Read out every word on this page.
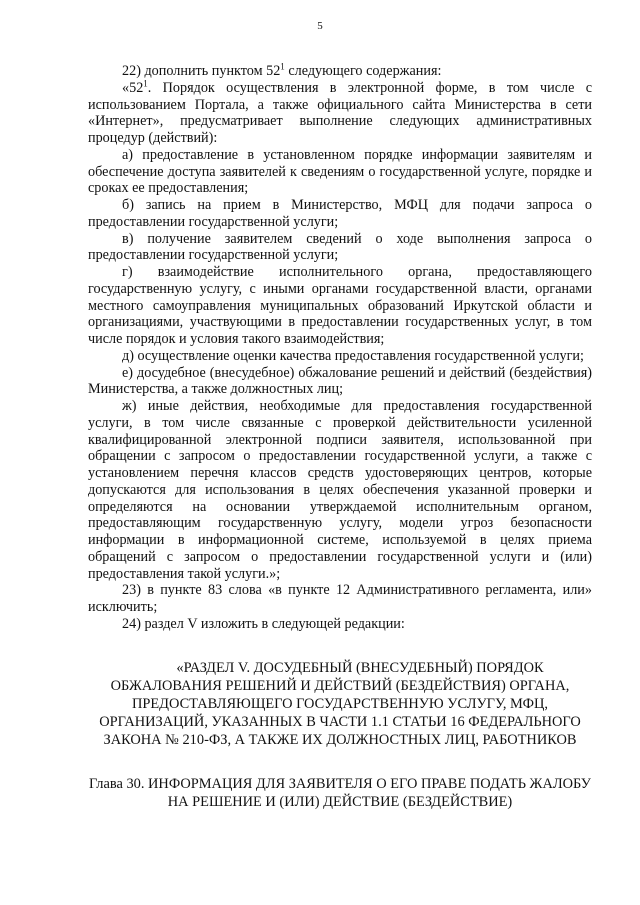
5

22) дополнить пунктом $52^1$ следующего содержания:

«$52^1$. Порядок осуществления в электронной форме, в том числе с использованием Портала, а также официального сайта Министерства в сети «Интернет», предусматривает выполнение следующих административных процедур (действий):

а) предоставление в установленном порядке информации заявителям и обеспечение доступа заявителей к сведениям о государственной услуге, порядке и сроках ее предоставления;

б) запись на прием в Министерство, МФЦ для подачи запроса о предоставлении государственной услуги;

в) получение заявителем сведений о ходе выполнения запроса о предоставлении государственной услуги;

г) взаимодействие исполнительного органа, предоставляющего государственную услугу, с иными органами государственной власти, органами местного самоуправления муниципальных образований Иркутской области и организациями, участвующими в предоставлении государственных услуг, в том числе порядок и условия такого взаимодействия;

д) осуществление оценки качества предоставления государственной услуги;

е) досудебное (внесудебное) обжалование решений и действий (бездействия) Министерства, а также должностных лиц;

ж) иные действия, необходимые для предоставления государственной услуги, в том числе связанные с проверкой действительности усиленной квалифицированной электронной подписи заявителя, использованной при обращении с запросом о предоставлении государственной услуги, а также с установлением перечня классов средств удостоверяющих центров, которые допускаются для использования в целях обеспечения указанной проверки и определяются на основании утверждаемой исполнительным органом, предоставляющим государственную услугу, модели угроз безопасности информации в информационной системе, используемой в целях приема обращений с запросом о предоставлении государственной услуги и (или) предоставления такой услуги.»;

23) в пункте 83 слова «в пункте 12 Административного регламента, или» исключить;

24) раздел V изложить в следующей редакции:

«РАЗДЕЛ V. ДОСУДЕБНЫЙ (ВНЕСУДЕБНЫЙ) ПОРЯДОК ОБЖАЛОВАНИЯ РЕШЕНИЙ И ДЕЙСТВИЙ (БЕЗДЕЙСТВИЯ) ОРГАНА, ПРЕДОСТАВЛЯЮЩЕГО ГОСУДАРСТВЕННУЮ УСЛУГУ, МФЦ, ОРГАНИЗАЦИЙ, УКАЗАННЫХ В ЧАСТИ 1.1 СТАТЬИ 16 ФЕДЕРАЛЬНОГО ЗАКОНА № 210-ФЗ, А ТАКЖЕ ИХ ДОЛЖНОСТНЫХ ЛИЦ, РАБОТНИКОВ
Глава 30. ИНФОРМАЦИЯ ДЛЯ ЗАЯВИТЕЛЯ О ЕГО ПРАВЕ ПОДАТЬ ЖАЛОБУ НА РЕШЕНИЕ И (ИЛИ) ДЕЙСТВИЕ (БЕЗДЕЙСТВИЕ)
